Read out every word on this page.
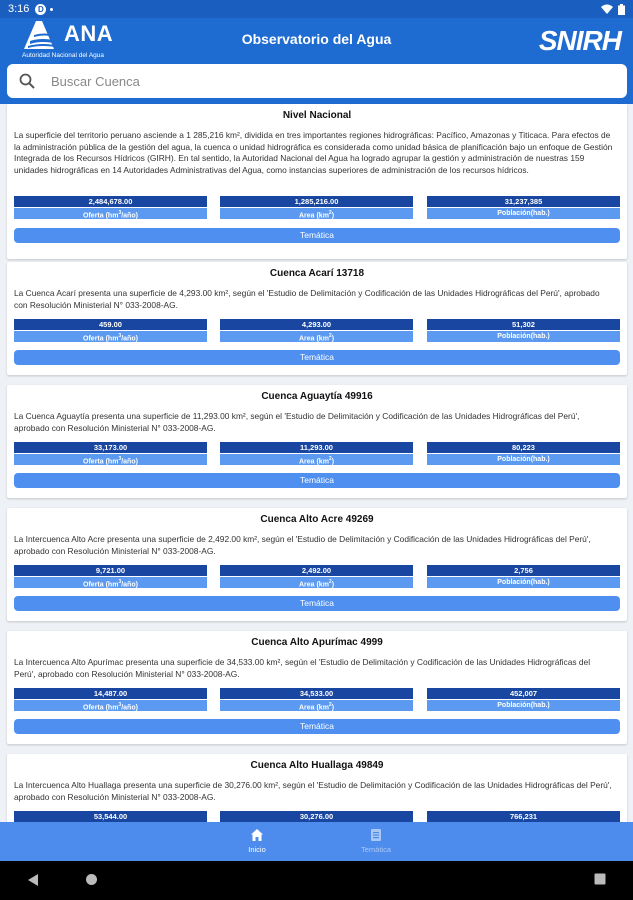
3:16	D
ANA
Autoridad Nacional del Agua
Observatorio del Agua	SNIRH
Buscar Cuenca
Nivel Nacional
La superficie del territorio peruano asciende a 1 285,216 km², dividida en tres importantes regiones hidrográficas: Pacífico, Amazonas y Titicaca. Para efectos de la administración pública de la gestión del agua, la cuenca o unidad hidrográfica es considerada como unidad básica de planificación bajo un enfoque de Gestión Integrada de los Recursos Hídricos (GIRH). En tal sentido, la Autoridad Nacional del Agua ha logrado agrupar la gestión y administración de nuestras 159 unidades hidrográficas en 14 Autoridades Administrativas del Agua, como instancias superiores de administración de los recursos hídricos.
2,484,678.00
Oferta $(hm^3/año)$
1,285,216.00
Area $(km^2)$
31,237,385
Población(hab.)
Temática
Cuenca Acarí 13718
La Cuenca Acarí presenta una superficie de 4,293.00 km², según el 'Estudio de Delimitación y Codificación de las Unidades Hidrográficas del Perú', aprobado con Resolución Ministerial N° 033-2008-AG.
459.00
Oferta $(hm^3/año)$
4,293.00
Area $(km^2)$
51,302
Población(hab.)
Temática
Cuenca Aguaytía 49916
La Cuenca Aguaytía presenta una superficie de 11,293.00 km², según el 'Estudio de Delimitación y Codificación de las Unidades Hidrográficas del Perú', aprobado con Resolución Ministerial N° 033-2008-AG.
33,173.00
Oferta $(hm^3/año)$
11,293.00
Area $(km^2)$
80,223
Población(hab.)
Temática
Cuenca Alto Acre 49269
La Intercuenca Alto Acre presenta una superficie de 2,492.00 km², según el 'Estudio de Delimitación y Codificación de las Unidades Hidrográficas del Perú', aprobado con Resolución Ministerial N° 033-2008-AG.
9,721.00
Oferta $(hm^3/año)$
2,492.00
Area $(km^2)$
2,756
Población(hab.)
Temática
Cuenca Alto Apurímac 4999
La Intercuenca Alto Apurímac presenta una superficie de 34,533.00 km², según el 'Estudio de Delimitación y Codificación de las Unidades Hidrográficas del Perú', aprobado con Resolución Ministerial N° 033-2008-AG.
14,487.00
Oferta $(hm^3/año)$
34,533.00
Area $(km^2)$
452,007
Población(hab.)
Temática
Cuenca Alto Huallaga 49849
La Intercuenca Alto Huallaga presenta una superficie de 30,276.00 km², según el 'Estudio de Delimitación y Codificación de las Unidades Hidrográficas del Perú', aprobado con Resolución Ministerial N° 033-2008-AG.
53,544.00	30,276.00	766,231
Inicio	Temática
